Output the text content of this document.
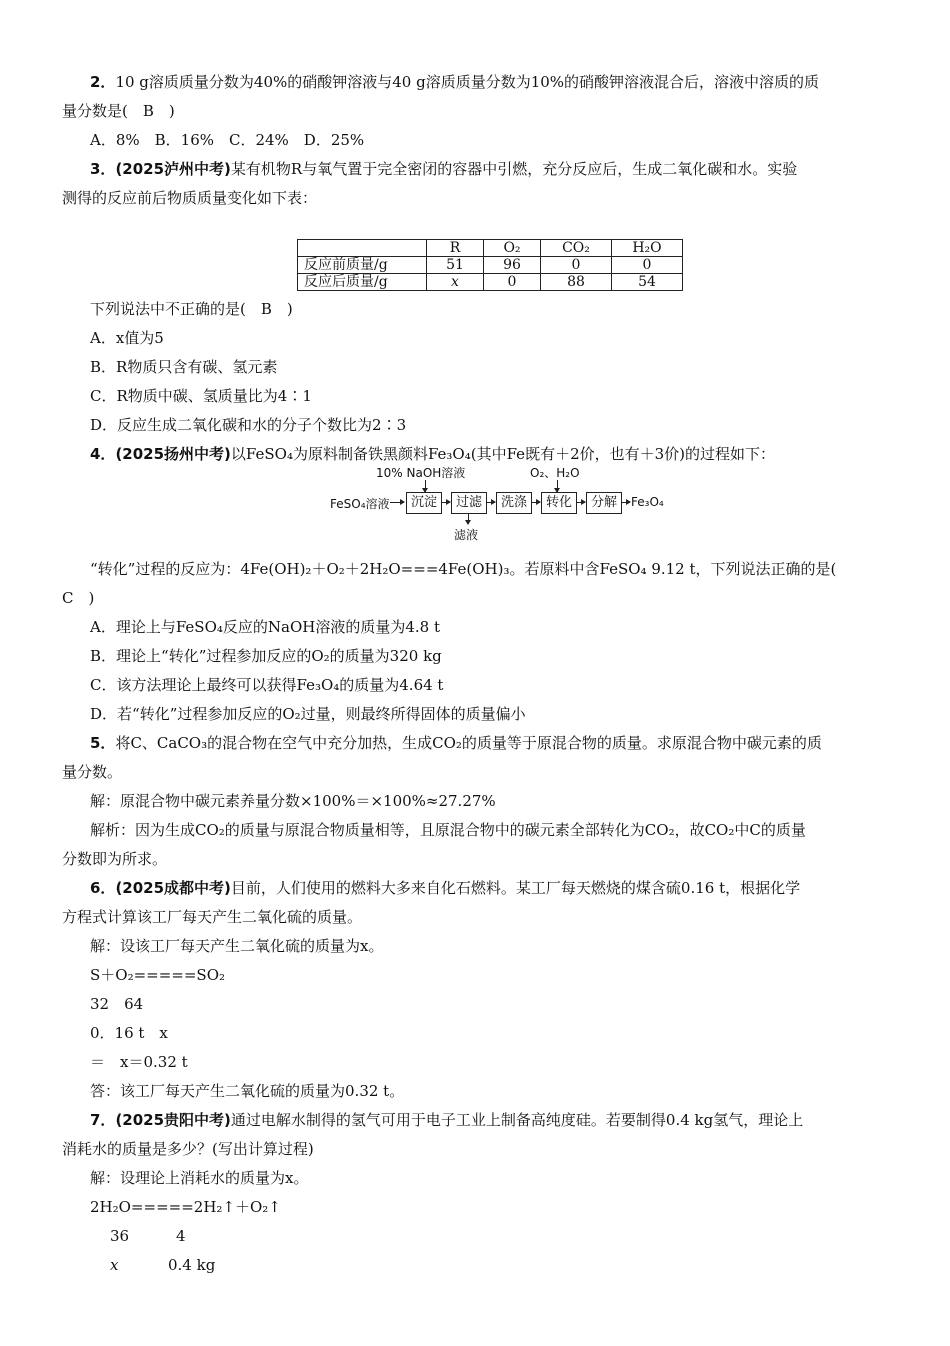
2．10 g溶质质量分数为40%的硝酸钾溶液与40 g溶质质量分数为10%的硝酸钾溶液混合后，溶液中溶质的质
量分数是(　B　)
A．8%　B．16%　C．24%　D．25%
3．(2025泸州中考)某有机物R与氧气置于完全密闭的容器中引燃，充分反应后，生成二氧化碳和水。实验
测得的反应前后物质质量变化如下表：
	R	O₂	CO₂	H₂O
反应前质量/g	51	96	0	0
反应后质量/g	x	0	88	54
下列说法中不正确的是(　B　)
A．x值为5
B．R物质只含有碳、氢元素
C．R物质中碳、氢质量比为4∶1
D．反应生成二氧化碳和水的分子个数比为2∶3
4．(2025扬州中考)以FeSO₄为原料制备铁黑颜料Fe₃O₄(其中Fe既有＋2价，也有＋3价)的过程如下：
10% NaOH溶液	O₂、H₂O
FeSO₄溶液	沉淀	过滤	洗涤	转化	分解	Fe₃O₄
滤液
“转化”过程的反应为：4Fe(OH)₂＋O₂＋2H₂O===4Fe(OH)₃。若原料中含FeSO₄ 9.12 t，下列说法正确的是(
C　)
A．理论上与FeSO₄反应的NaOH溶液的质量为4.8 t
B．理论上“转化”过程参加反应的O₂的质量为320 kg
C．该方法理论上最终可以获得Fe₃O₄的质量为4.64 t
D．若“转化”过程参加反应的O₂过量，则最终所得固体的质量偏小
5．将C、CaCO₃的混合物在空气中充分加热，生成CO₂的质量等于原混合物的质量。求原混合物中碳元素的质
量分数。
解：原混合物中碳元素养量分数×100%＝×100%≈27.27%
解析：因为生成CO₂的质量与原混合物质量相等，且原混合物中的碳元素全部转化为CO₂，故CO₂中C的质量
分数即为所求。
6．(2025成都中考)目前，人们使用的燃料大多来自化石燃料。某工厂每天燃烧的煤含硫0.16 t，根据化学
方程式计算该工厂每天产生二氧化硫的质量。
解：设该工厂每天产生二氧化硫的质量为x。
S＋O₂=====SO₂
32　64
0．16 t　x
＝　x＝0.32 t
答：该工厂每天产生二氧化硫的质量为0.32 t。
7．(2025贵阳中考)通过电解水制得的氢气可用于电子工业上制备高纯度硅。若要制得0.4 kg氢气，理论上
消耗水的质量是多少？(写出计算过程)
解：设理论上消耗水的质量为x。
2H₂O=====2H₂↑＋O₂↑
36	4
x	0.4 kg
